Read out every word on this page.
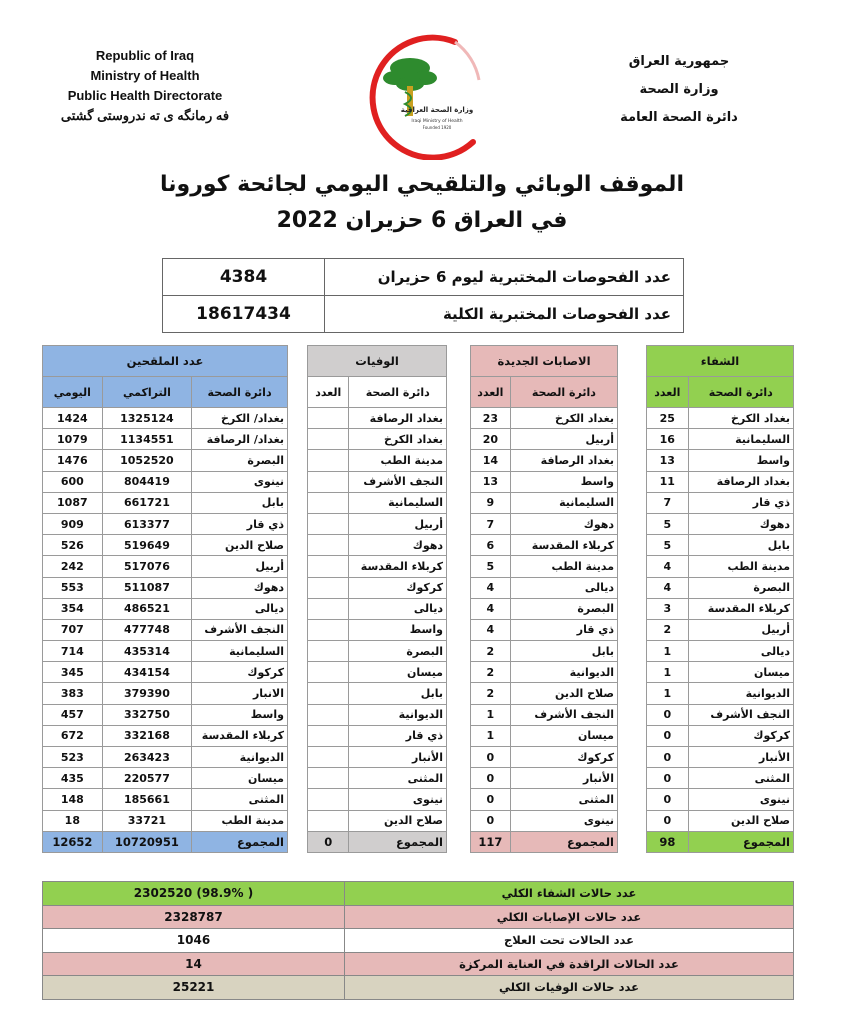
Republic of Iraq
Ministry of Health
Public Health Directorate
فه رمانگه ی ته ندروستی گشتی
جمهورية العراق
وزارة الصحة
دائرة الصحة العامة
وزارة الصحة العراقية
Iraqi Ministry of Health
Founded 1920
الموقف الوبائي والتلقيحي اليومي لجائحة كورونا
في العراق 6 حزيران 2022
عدد الفحوصات المختبرية ليوم 6 حزيران	4384
عدد الفحوصات المختبرية الكلية	18617434
عدد الملقحين		
اليومي	التراكمي	دائرة الصحة
1424	1325124	بغداد/ الكرخ
1079	1134551	بغداد/ الرصافة
1476	1052520	البصرة
600	804419	نينوى
1087	661721	بابل
909	613377	ذي قار
526	519649	صلاح الدين
242	517076	أربيل
553	511087	دهوك
354	486521	ديالى
707	477748	النجف الأشرف
714	435314	السليمانية
345	434154	كركوك
383	379390	الانبار
457	332750	واسط
672	332168	كربلاء المقدسة
523	263423	الديوانية
435	220577	ميسان
148	185661	المثنى
18	33721	مدينة الطب
12652	10720951	المجموع
الوفيات	
العدد	دائرة الصحة
	بغداد الرصافة
	بغداد الكرخ
	مدينة الطب
	النجف الأشرف
	السليمانية
	أربيل
	دهوك
	كربلاء المقدسة
	كركوك
	ديالى
	واسط
	البصرة
	ميسان
	بابل
	الديوانية
	ذي قار
	الأنبار
	المثنى
	نينوى
	صلاح الدين
0	المجموع
الاصابات الجديدة	
العدد	دائرة الصحة
23	بغداد الكرخ
20	أربيل
14	بغداد الرصافة
13	واسط
9	السليمانية
7	دهوك
6	كربلاء المقدسة
5	مدينة الطب
4	ديالى
4	البصرة
4	ذي قار
2	بابل
2	الديوانية
2	صلاح الدين
1	النجف الأشرف
1	ميسان
0	كركوك
0	الأنبار
0	المثنى
0	نينوى
117	المجموع
الشفاء	
العدد	دائرة الصحة
25	بغداد الكرخ
16	السليمانية
13	واسط
11	بغداد الرصافة
7	ذي قار
5	دهوك
5	بابل
4	مدينة الطب
4	البصرة
3	كربلاء المقدسة
2	أربيل
1	ديالى
1	ميسان
1	الديوانية
0	النجف الأشرف
0	كركوك
0	الأنبار
0	المثنى
0	نينوى
0	صلاح الدين
98	المجموع
عدد حالات الشفاء الكلي	( 98.9%) 2302520
عدد حالات الإصابات الكلي	2328787
عدد الحالات تحت العلاج	1046
عدد الحالات الراقدة في العناية المركزة	14
عدد حالات الوفيات الكلي	25221
